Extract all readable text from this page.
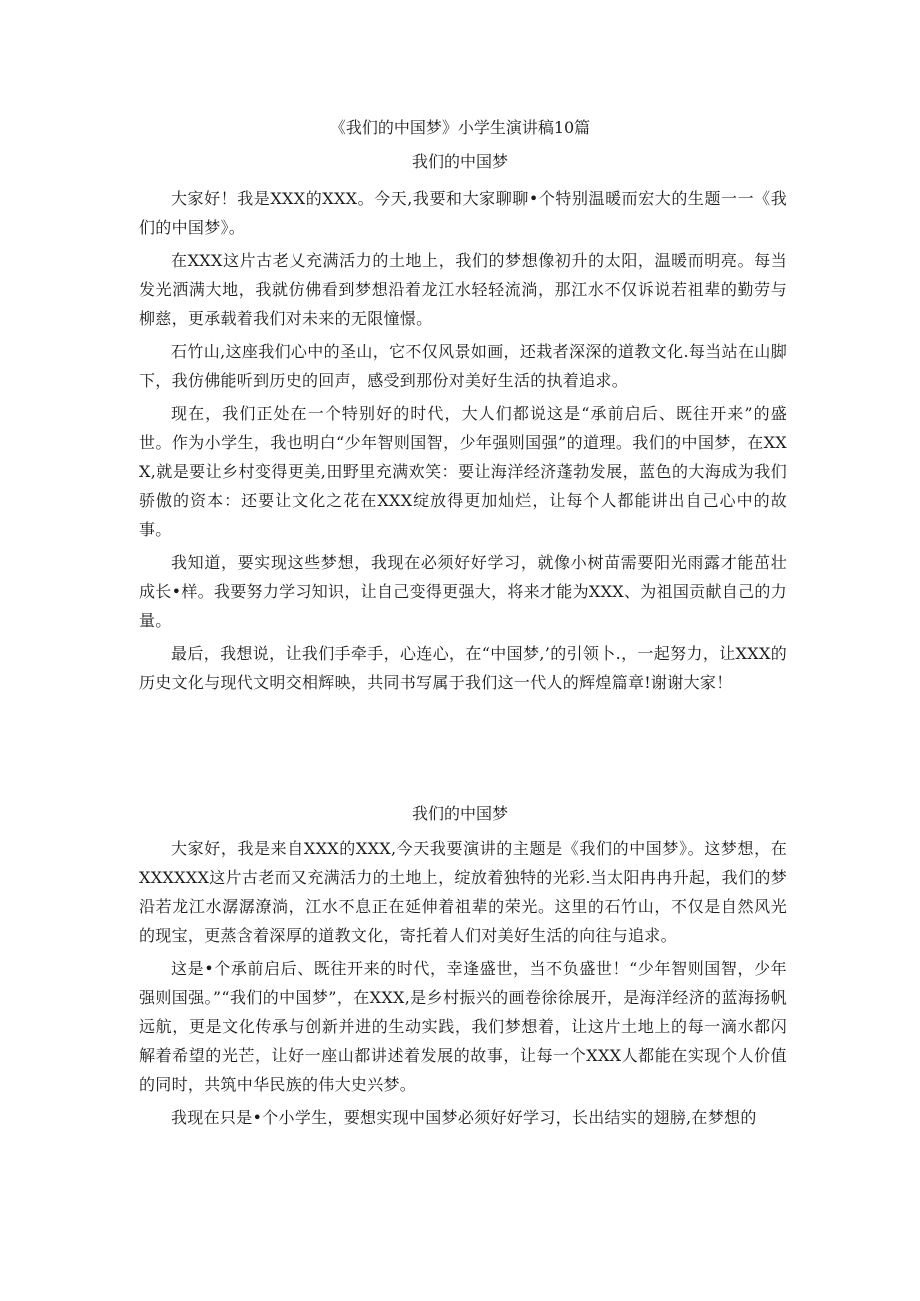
《我们的中国梦》小学生演讲稿10篇
我们的中国梦

大家好！我是XXX的XXX。今天,我要和大家聊聊•个特别温暖而宏大的生题一一《我们的中国梦》。

在XXX这片古老乂充满活力的土地上，我们的梦想像初升的太阳，温暖而明亮。每当发光洒满大地，我就仿佛看到梦想沿着龙江水轻轻流淌，那江水不仅诉说若祖辈的勤劳与柳慈，更承载着我们对未来的无限憧憬。

石竹山,这座我们心中的圣山，它不仅风景如画，还栽者深深的道教文化.每当站在山脚下，我仿佛能听到历史的回声，感受到那份对美好生活的执着追求。

现在，我们正处在一个特别好的时代，大人们都说这是“承前启后、既往开来”的盛世。作为小学生，我也明白“少年智则国智，少年强则国强”的道理。我们的中国梦，在XXX,就是要让乡村变得更美,田野里充满欢笑：要让海洋经济蓬勃发展，蓝色的大海成为我们骄傲的资本：还要让文化之花在XXX绽放得更加灿烂，让每个人都能讲出自己心中的故事。

我知道，要实现这些梦想，我现在必须好好学习，就像小树苗需要阳光雨露才能茁壮成长•样。我要努力学习知识，让自己变得更强大，将来才能为XXX、为祖国贡献自己的力量。

最后，我想说，让我们手牵手，心连心，在“中国梦,’的引领卜.，一起努力，让XXX的历史文化与现代文明交相辉映，共同书写属于我们这一代人的辉煌篇章!谢谢大家！

我们的中国梦

大家好，我是来自XXX的XXX,今天我要演讲的主题是《我们的中国梦》。这梦想，在XXXXXX这片古老而又充满活力的土地上，绽放着独特的光彩.当太阳冉冉升起，我们的梦沿若龙江水潺潺潦淌，江水不息正在延伸着祖辈的荣光。这里的石竹山，不仅是自然风光的现宝，更蒸含着深厚的道教文化，寄托着人们对美好生活的向往与追求。

这是•个承前启后、既往开来的时代，幸逢盛世，当不负盛世！“少年智则国智，少年强则国强。”“我们的中国梦”，在XXX,是乡村振兴的画卷徐徐展开，是海洋经济的蓝海扬帆远航，更是文化传承与创新并进的生动实践，我们梦想着，让这片土地上的每一滴水都闪解着希望的光芒，让好一座山都讲述着发展的故事，让每一个XXX人都能在实现个人价值的同时，共筑中华民族的伟大史兴梦。

我现在只是•个小学生，要想实现中国梦必须好好学习，长出结实的翅膀,在梦想的
